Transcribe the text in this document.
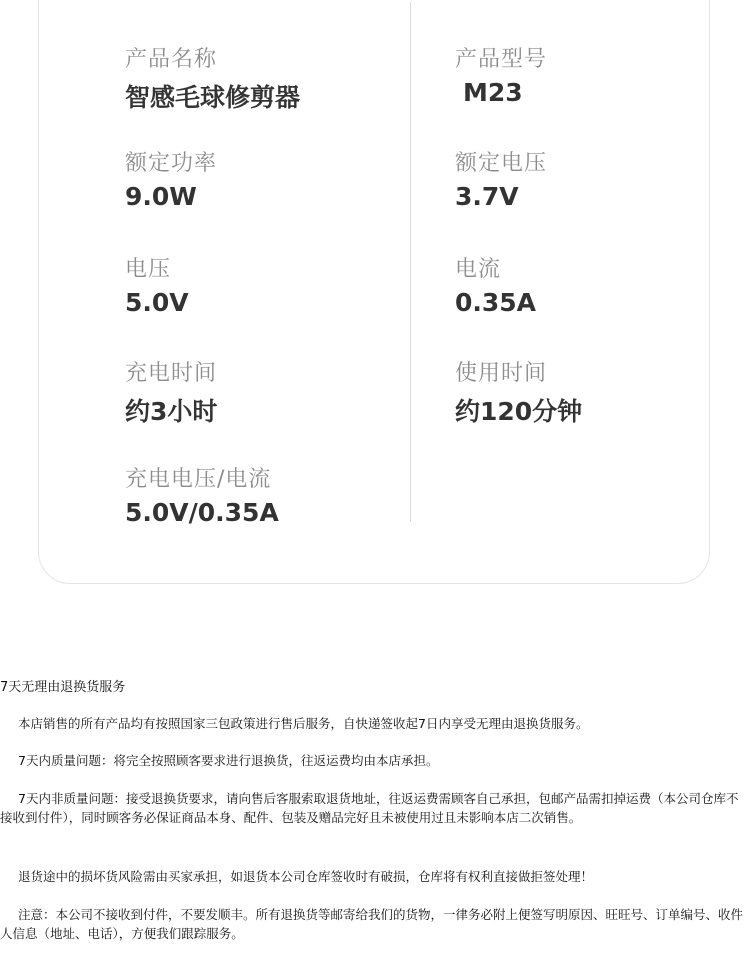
产品名称
智感毛球修剪器
产品型号
M23
额定功率
9.0W
额定电压
3.7V
电压
5.0V
电流
0.35A
充电时间
约3小时
使用时间
约120分钟
充电电压/电流
5.0V/0.35A
7天无理由退换货服务
本店销售的所有产品均有按照国家三包政策进行售后服务，自快递签收起7日内享受无理由退换货服务。
7天内质量问题：将完全按照顾客要求进行退换货，往返运费均由本店承担。
7天内非质量问题：接受退换货要求，请向售后客服索取退货地址，往返运费需顾客自己承担，包邮产品需扣掉运费（本公司仓库不接收到付件），同时顾客务必保证商品本身、配件、包装及赠品完好且未被使用过且未影响本店二次销售。
退货途中的损坏货风险需由买家承担，如退货本公司仓库签收时有破损，仓库将有权利直接做拒签处理！
注意：本公司不接收到付件，不要发顺丰。所有退换货等邮寄给我们的货物，一律务必附上便签写明原因、旺旺号、订单编号、收件人信息（地址、电话），方便我们跟踪服务。
